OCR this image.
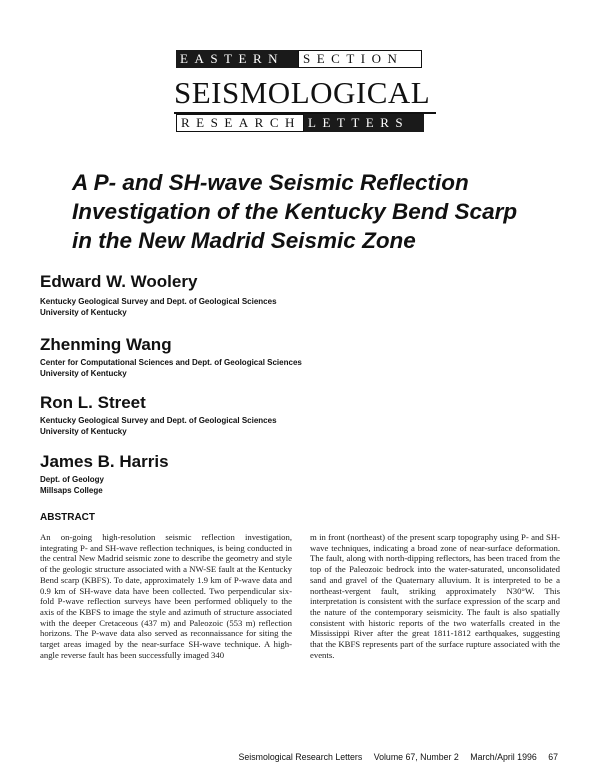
EASTERN	SECTION
SEISMOLOGICAL
RESEARCH LETTERS
A P- and SH-wave Seismic Reflection Investigation of the Kentucky Bend Scarp in the New Madrid Seismic Zone
Edward W. Woolery
Kentucky Geological Survey and Dept. of Geological Sciences
University of Kentucky
Zhenming Wang
Center for Computational Sciences and Dept. of Geological Sciences
University of Kentucky
Ron L. Street
Kentucky Geological Survey and Dept. of Geological Sciences
University of Kentucky
James B. Harris
Dept. of Geology
Millsaps College
ABSTRACT
An on-going high-resolution seismic reflection investigation, integrating P- and SH-wave reflection techniques, is being conducted in the central New Madrid seismic zone to describe the geometry and style of the geologic structure associated with a NW-SE fault at the Kentucky Bend scarp (KBFS). To date, approximately 1.9 km of P-wave data and 0.9 km of SH-wave data have been collected. Two perpendicular six-fold P-wave reflection surveys have been performed obliquely to the axis of the KBFS to image the style and azimuth of structure associated with the deeper Cretaceous (437 m) and Paleozoic (553 m) reflection horizons. The P-wave data also served as reconnaissance for siting the target areas imaged by the near-surface SH-wave technique. A high-angle reverse fault has been successfully imaged 340
m in front (northeast) of the present scarp topography using P- and SH-wave techniques, indicating a broad zone of near-surface deformation. The fault, along with north-dipping reflectors, has been traced from the top of the Paleozoic bedrock into the water-saturated, unconsolidated sand and gravel of the Quaternary alluvium. It is interpreted to be a northeast-vergent fault, striking approximately N30°W. This interpretation is consistent with the surface expression of the scarp and the nature of the contemporary seismicity. The fault is also spatially consistent with historic reports of the two waterfalls created in the Mississippi River after the great 1811-1812 earthquakes, suggesting that the KBFS represents part of the surface rupture associated with the events.
Seismological Research Letters Volume 67, Number 2 March/April 1996 67
